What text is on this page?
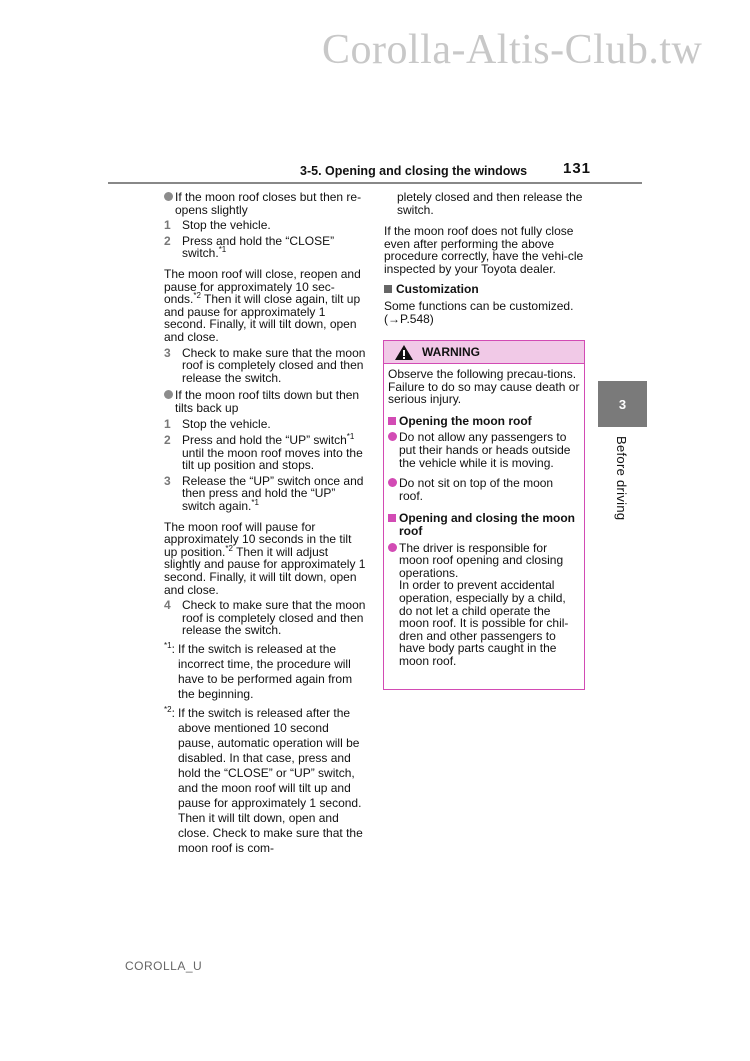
Corolla-Altis-Club.tw
3-5. Opening and closing the windows 131

If the moon roof closes but then re-opens slightly

1 Stop the vehicle.

2 Press and hold the “CLOSE” switch.$^{*1}$

The moon roof will close, reopen and pause for approximately 10 sec-onds.$^{*2}$ Then it will close again, tilt up and pause for approximately 1 second. Finally, it will tilt down, open and close.

3 Check to make sure that the moon roof is completely closed and then release the switch.

If the moon roof tilts down but then tilts back up

1 Stop the vehicle.

2 Press and hold the “UP” switch$^{*1}$ until the moon roof moves into the tilt up position and stops.

3 Release the “UP” switch once and then press and hold the “UP” switch again.$^{*1}$

The moon roof will pause for approximately 10 seconds in the tilt up position.$^{*2}$ Then it will adjust slightly and pause for approximately 1 second. Finally, it will tilt down, open and close.

4 Check to make sure that the moon roof is completely closed and then release the switch.

$^{*1}$: If the switch is released at the incorrect time, the procedure will have to be performed again from the beginning.

$^{*2}$: If the switch is released after the above mentioned 10 second pause, automatic operation will be disabled. In that case, press and hold the “CLOSE” or “UP” switch, and the moon roof will tilt up and pause for approximately 1 second. Then it will tilt down, open and close. Check to make sure that the moon roof is com-

pletely closed and then release the switch.

If the moon roof does not fully close even after performing the above procedure correctly, have the vehi-cle inspected by your Toyota dealer.

Customization

Some functions can be customized. (→P.548)

WARNING

Observe the following precau-tions.
Failure to do so may cause death or serious injury.

Opening the moon roof

Do not allow any passengers to put their hands or heads outside the vehicle while it is moving.

Do not sit on top of the moon roof.

Opening and closing the moon roof

The driver is responsible for moon roof opening and closing operations.
In order to prevent accidental operation, especially by a child, do not let a child operate the moon roof. It is possible for chil-dren and other passengers to have body parts caught in the moon roof.

3
Before driving
COROLLA_U
